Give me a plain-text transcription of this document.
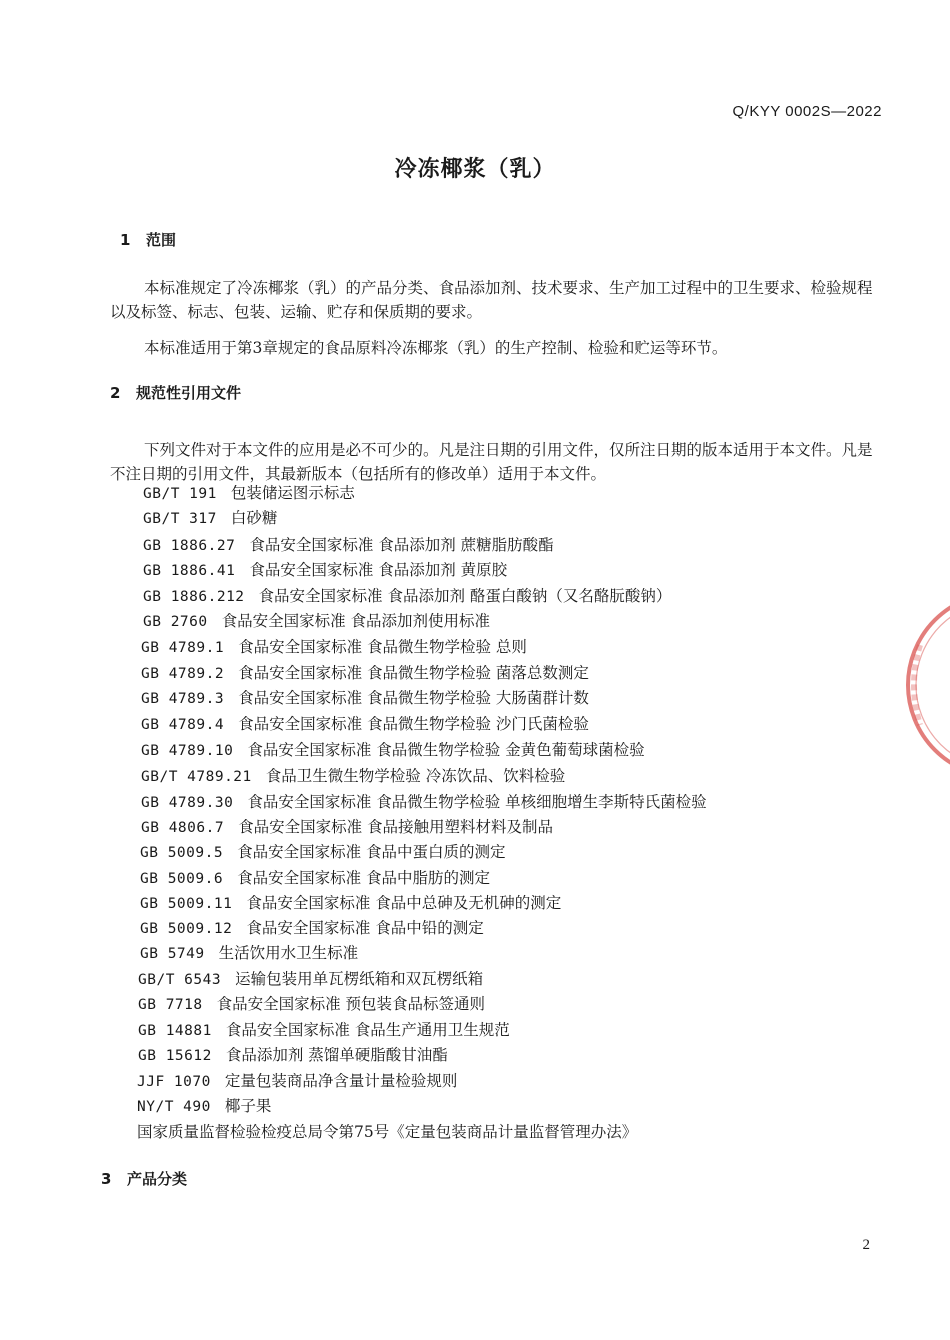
Q/KYY 0002S—2022
冷冻椰浆（乳）
1 范围
本标准规定了冷冻椰浆（乳）的产品分类、食品添加剂、技术要求、生产加工过程中的卫生要求、检验规程以及标签、标志、包装、运输、贮存和保质期的要求。
本标准适用于第3章规定的食品原料冷冻椰浆（乳）的生产控制、检验和贮运等环节。
2 规范性引用文件
下列文件对于本文件的应用是必不可少的。凡是注日期的引用文件，仅所注日期的版本适用于本文件。凡是不注日期的引用文件，其最新版本（包括所有的修改单）适用于本文件。
GB/T 191 包装储运图示标志
GB/T 317 白砂糖
GB 1886.27 食品安全国家标准 食品添加剂 蔗糖脂肪酸酯
GB 1886.41 食品安全国家标准 食品添加剂 黄原胶
GB 1886.212 食品安全国家标准 食品添加剂 酪蛋白酸钠（又名酪朊酸钠）
GB 2760 食品安全国家标准 食品添加剂使用标准
GB 4789.1 食品安全国家标准 食品微生物学检验 总则
GB 4789.2 食品安全国家标准 食品微生物学检验 菌落总数测定
GB 4789.3 食品安全国家标准 食品微生物学检验 大肠菌群计数
GB 4789.4 食品安全国家标准 食品微生物学检验 沙门氏菌检验
GB 4789.10 食品安全国家标准 食品微生物学检验 金黄色葡萄球菌检验
GB/T 4789.21 食品卫生微生物学检验 冷冻饮品、饮料检验
GB 4789.30 食品安全国家标准 食品微生物学检验 单核细胞增生李斯特氏菌检验
GB 4806.7 食品安全国家标准 食品接触用塑料材料及制品
GB 5009.5 食品安全国家标准 食品中蛋白质的测定
GB 5009.6 食品安全国家标准 食品中脂肪的测定
GB 5009.11 食品安全国家标准 食品中总砷及无机砷的测定
GB 5009.12 食品安全国家标准 食品中铅的测定
GB 5749 生活饮用水卫生标准
GB/T 6543 运输包装用单瓦楞纸箱和双瓦楞纸箱
GB 7718 食品安全国家标准 预包装食品标签通则
GB 14881 食品安全国家标准 食品生产通用卫生规范
GB 15612 食品添加剂 蒸馏单硬脂酸甘油酯
JJF 1070 定量包装商品净含量计量检验规则
NY/T 490 椰子果
国家质量监督检验检疫总局令第75号《定量包装商品计量监督管理办法》
3 产品分类
2
